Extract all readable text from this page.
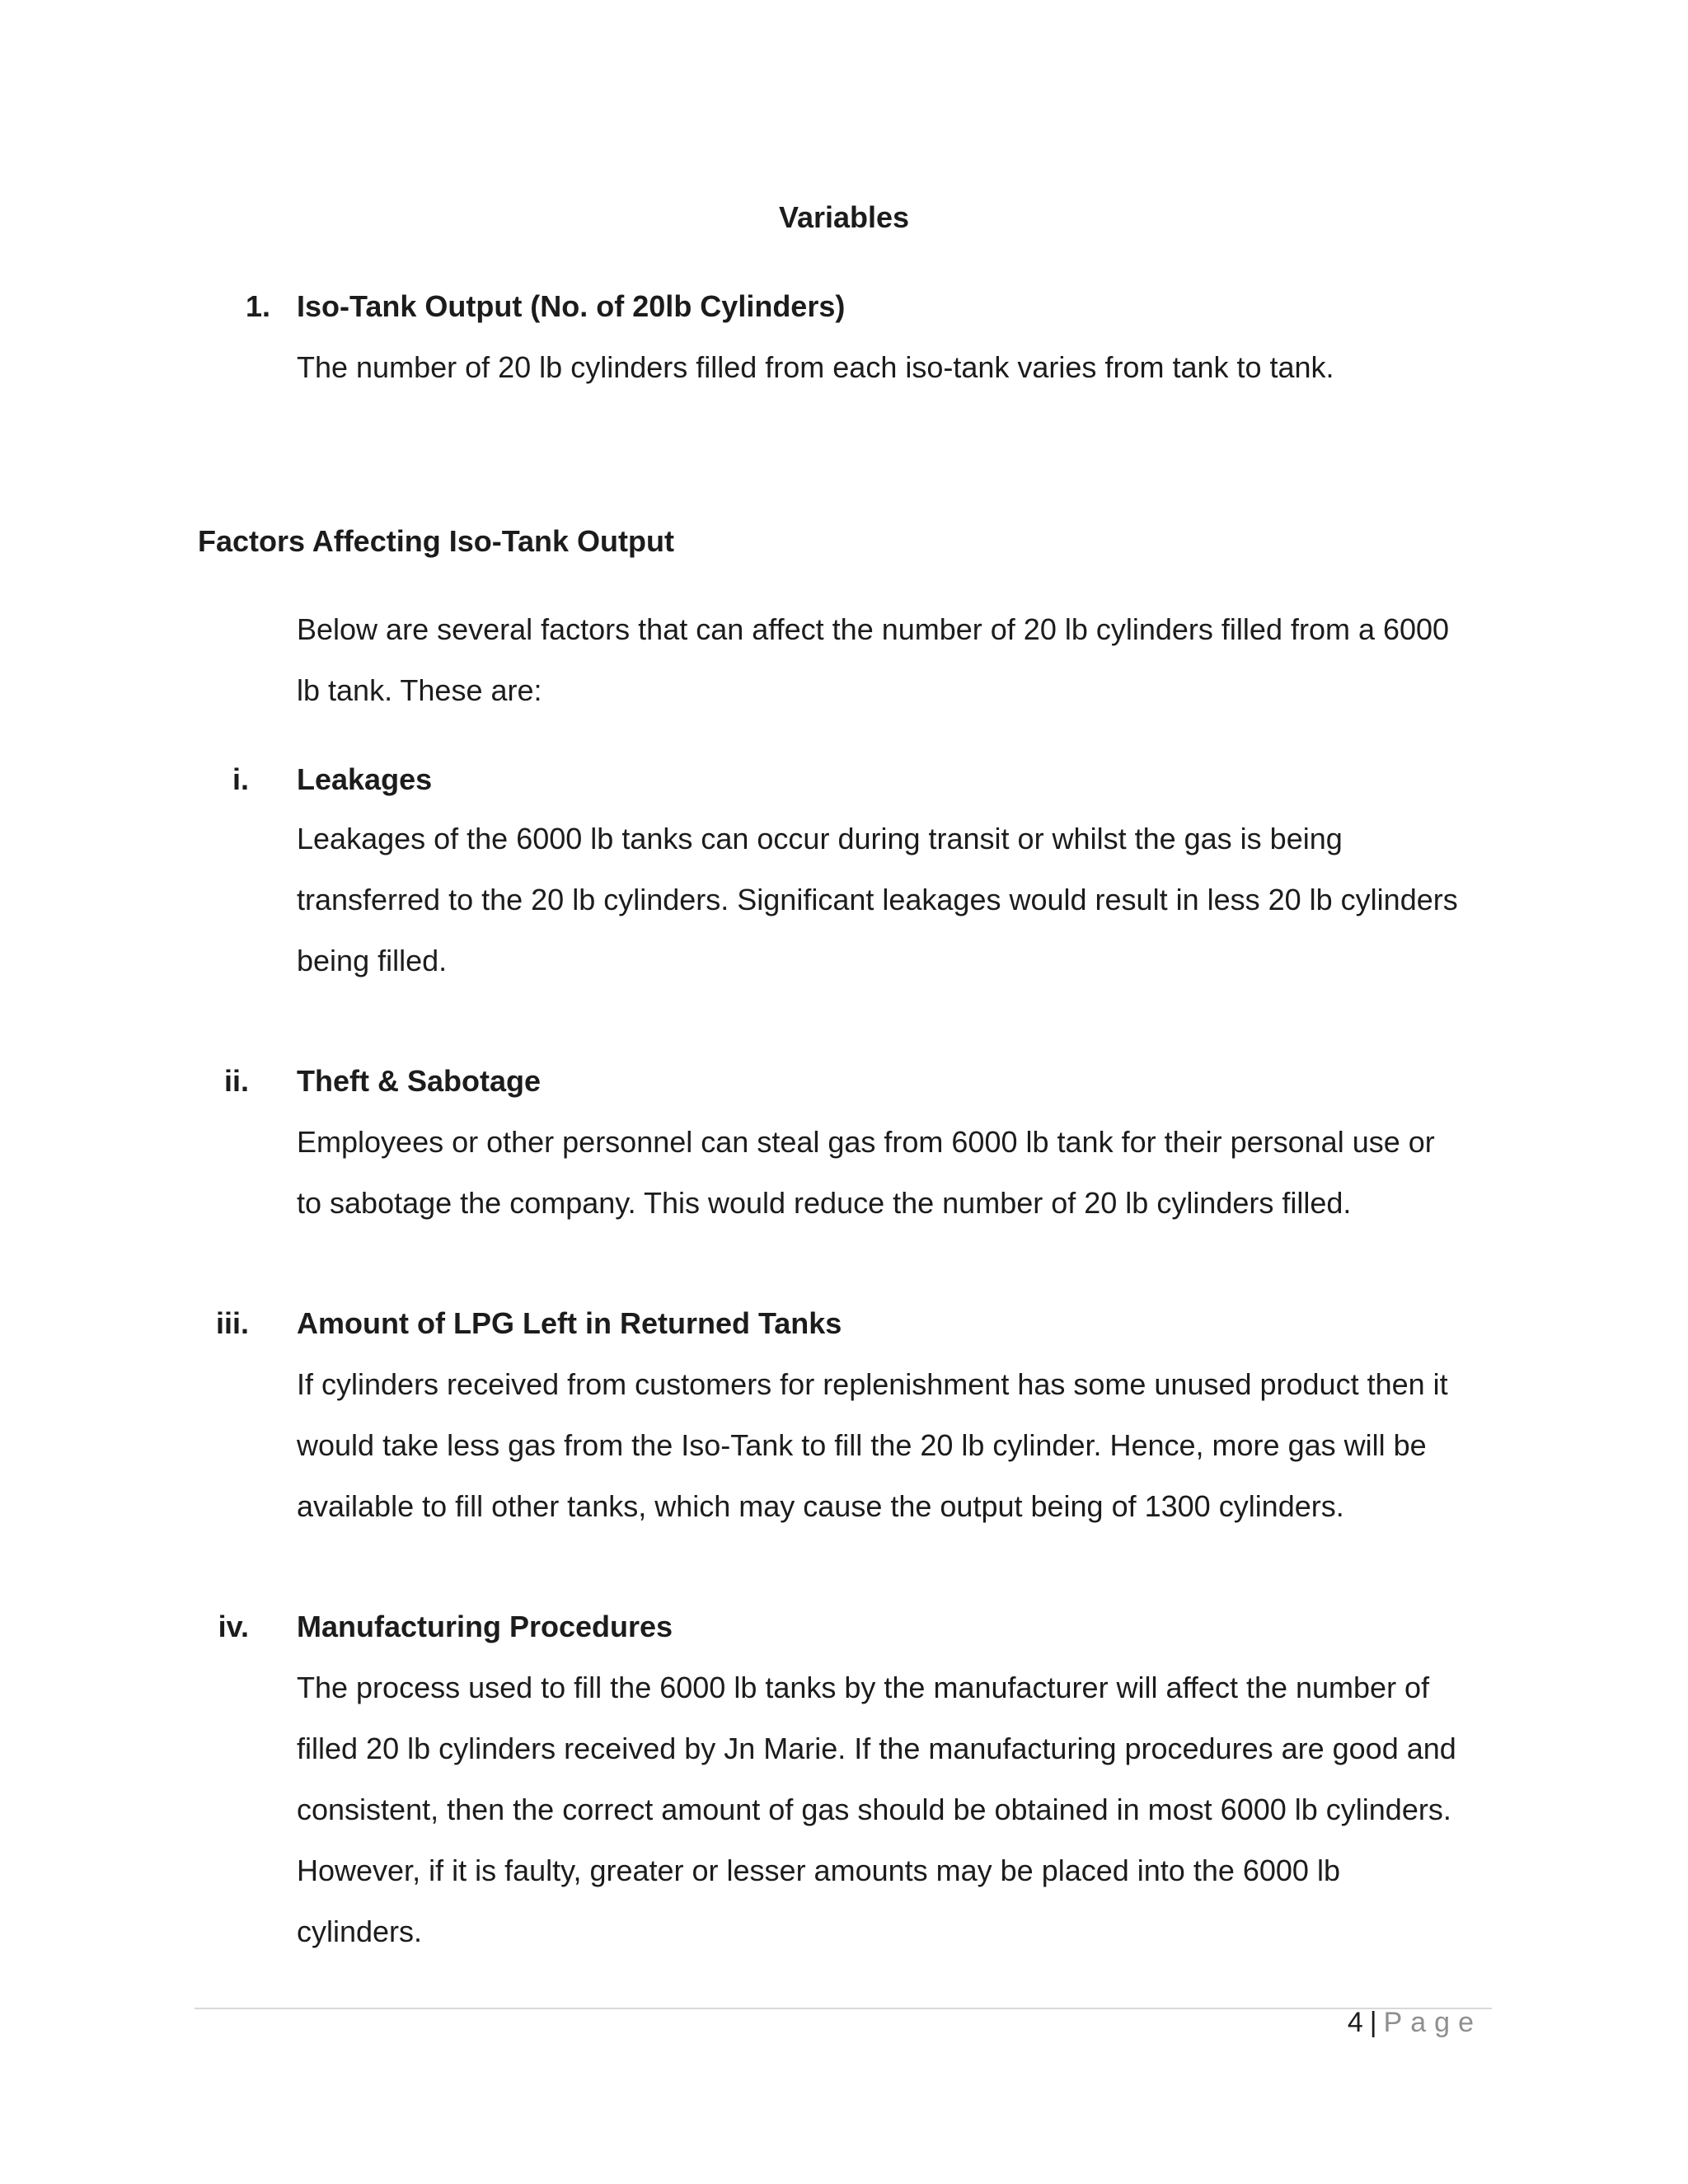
Variables
1. Iso-Tank Output (No. of 20lb Cylinders)
The number of 20 lb cylinders filled from each iso-tank varies from tank to tank.
Factors Affecting Iso-Tank Output
Below are several factors that can affect the number of 20 lb cylinders filled from a 6000
lb tank. These are:
i. Leakages
Leakages of the 6000 lb tanks can occur during transit or whilst the gas is being
transferred to the 20 lb cylinders. Significant leakages would result in less 20 lb cylinders
being filled.
ii. Theft & Sabotage
Employees or other personnel can steal gas from 6000 lb tank for their personal use or
to sabotage the company. This would reduce the number of 20 lb cylinders filled.
iii. Amount of LPG Left in Returned Tanks
If cylinders received from customers for replenishment has some unused product then it
would take less gas from the Iso-Tank to fill the 20 lb cylinder. Hence, more gas will be
available to fill other tanks, which may cause the output being of 1300 cylinders.
iv. Manufacturing Procedures
The process used to fill the 6000 lb tanks by the manufacturer will affect the number of
filled 20 lb cylinders received by Jn Marie. If the manufacturing procedures are good and
consistent, then the correct amount of gas should be obtained in most 6000 lb cylinders.
However, if it is faulty, greater or lesser amounts may be placed into the 6000 lb
cylinders.
4 | Page
